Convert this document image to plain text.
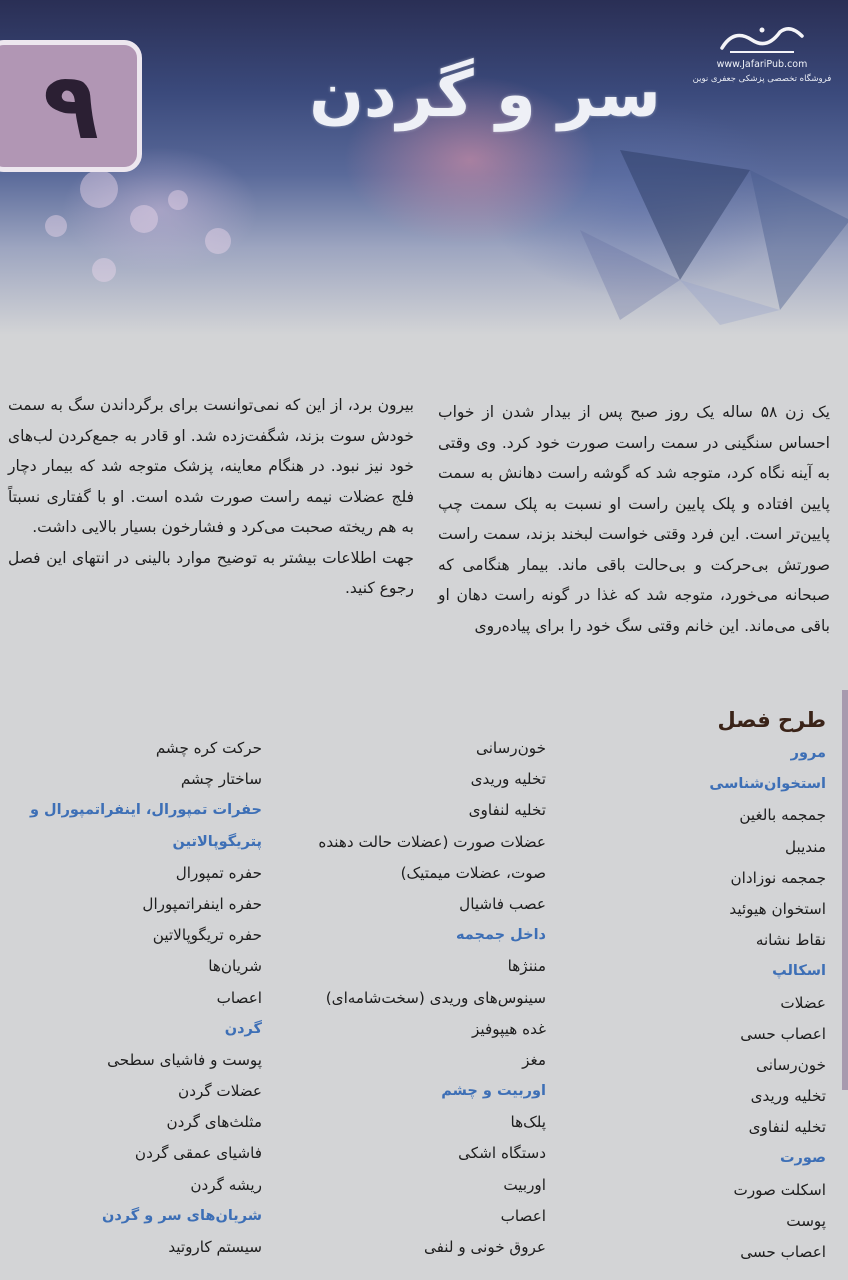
۹	سر و گردن	www.JafariPub.com
فروشگاه تخصصی پزشکی جعفری نوین

یک زن ۵۸ ساله یک روز صبح پس از بیدار شدن از خواب احساس سنگینی در سمت راست صورت خود کرد. وی وقتی به آینه نگاه کرد، متوجه شد که گوشه راست دهانش به سمت پایین افتاده و پلک پایین راست او نسبت به پلک سمت چپ پایین‌تر است. این فرد وقتی خواست لبخند بزند، سمت راست صورتش بی‌حرکت و بی‌حالت باقی ماند. بیمار هنگامی که صبحانه می‌خورد، متوجه شد که غذا در گونه راست دهان او باقی می‌ماند. این خانم وقتی سگ خود را برای پیاده‌روی

بیرون برد، از این که نمی‌توانست برای برگرداندن سگ به سمت خودش سوت بزند، شگفت‌زده شد. او قادر به جمع‌کردن لب‌های خود نیز نبود. در هنگام معاینه، پزشک متوجه شد که بیمار دچار فلج عضلات نیمه راست صورت شده است. او با گفتاری نسبتاً به هم ریخته صحبت می‌کرد و فشارخون بسیار بالایی داشت.

جهت اطلاعات بیشتر به توضیح موارد بالینی در انتهای این فصل رجوع کنید.

طرح فصل
مرور
استخوان‌شناسی
جمجمه بالغین
مندیبل
جمجمه نوزادان
استخوان هیوئید
نقاط نشانه
اسکالپ
عضلات
اعصاب حسی
خون‌رسانی
تخلیه وریدی
تخلیه لنفاوی
صورت
اسکلت صورت
پوست
اعصاب حسی
خون‌رسانی
تخلیه وریدی
تخلیه لنفاوی
عضلات صورت (عضلات حالت دهنده
صوت، عضلات میمتیک)
عصب فاشیال
داخل جمجمه
مننژها
سینوس‌های وریدی (سخت‌شامه‌ای)
غده هیپوفیز
مغز
اوربیت و چشم
پلک‌ها
دستگاه اشکی
اوربیت
اعصاب
عروق خونی و لنفی
حرکت کره چشم
ساختار چشم
حفرات تمپورال، اینفراتمپورال و
پتریگوپالاتین
حفره تمپورال
حفره اینفراتمپورال
حفره تریگوپالاتین
شریان‌ها
اعصاب
گردن
پوست و فاشیای سطحی
عضلات گردن
مثلث‌های گردن
فاشیای عمقی گردن
ریشه گردن
شریان‌های سر و گردن
سیستم کاروتید
